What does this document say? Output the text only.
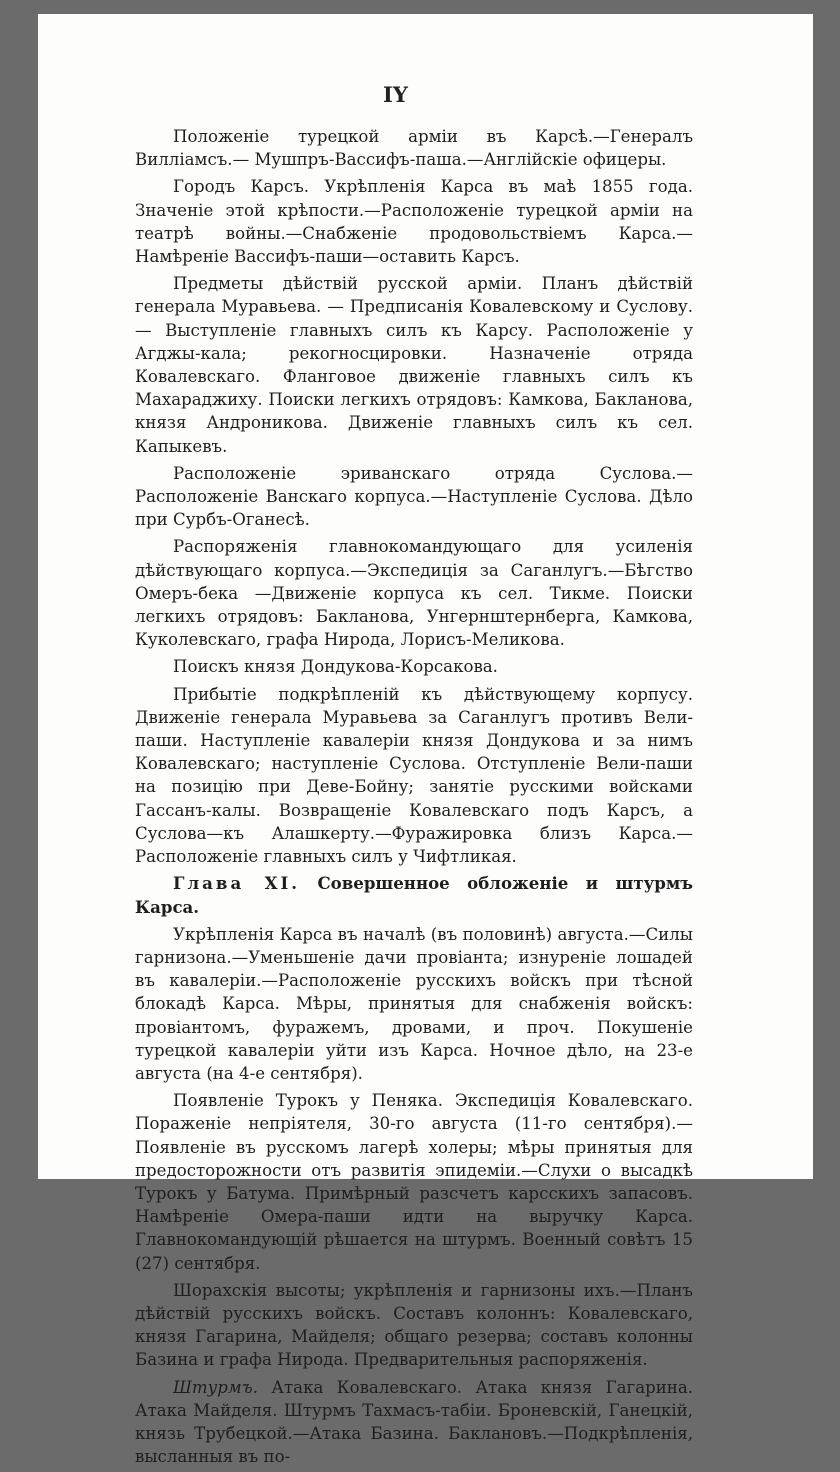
IY

Положеніе турецкой арміи въ Карсѣ.—Генералъ Вилліамсъ.— Мушпръ-Вассифъ-паша.—Англійскіе офицеры.

Городъ Карсъ. Укрѣпленія Карса въ маѣ 1855 года. Значеніе этой крѣпости.—Расположеніе турецкой арміи на театрѣ войны.—Снабженіе продовольствіемъ Карса.—Намѣреніе Вассифъ-паши—оставить Карсъ.

Предметы дѣйствій русской арміи. Планъ дѣйствій генерала Муравьева. — Предписанія Ковалевскому и Суслову. — Выступленіе главныхъ силъ къ Карсу. Расположеніе у Агджы-кала; рекогносцировки. Назначеніе отряда Ковалевскаго. Фланговое движеніе главныхъ силъ къ Махараджиху. Поиски легкихъ отрядовъ: Камкова, Бакланова, князя Андроникова. Движеніе главныхъ силъ къ сел. Капыкевъ.

Расположеніе эриванскаго отряда Суслова.—Расположеніе Ванскаго корпуса.—Наступленіе Суслова. Дѣло при Сурбъ-Оганесѣ.

Распоряженія главнокомандующаго для усиленія дѣйствующаго корпуса.—Экспедиція за Саганлугъ.—Бѣгство Омеръ-бека —Движеніе корпуса къ сел. Тикме. Поиски легкихъ отрядовъ: Бакланова, Унгернштернберга, Камкова, Куколевскаго, графа Нирода, Лорисъ-Меликова.

Поискъ князя Дондукова-Корсакова.

Прибытіе подкрѣпленій къ дѣйствующему корпусу. Движеніе генерала Муравьева за Саганлугъ противъ Вели-паши. Наступленіе кавалеріи князя Дондукова и за нимъ Ковалевскаго; наступленіе Суслова. Отступленіе Вели-паши на позицію при Деве-Бойну; занятіе русскими войсками Гассанъ-калы. Возвращеніе Ковалевскаго подъ Карсъ, а Суслова—къ Алашкерту.—Фуражировка близъ Карса.—Расположеніе главныхъ силъ у Чифтликая.

Глава XI. Совершенное обложеніе и штурмъ Карса.

Укрѣпленія Карса въ началѣ (въ половинѣ) августа.—Силы гарнизона.—Уменьшеніе дачи провіанта; изнуреніе лошадей въ кавалеріи.—Расположеніе русскихъ войскъ при тѣсной блокадѣ Карса. Мѣры, принятыя для снабженія войскъ: провіантомъ, фуражемъ, дровами, и проч. Покушеніе турецкой кавалеріи уйти изъ Карса. Ночное дѣло, на 23-е августа (на 4-е сентября).

Появленіе Турокъ у Пеняка. Экспедиція Ковалевскаго. Пораженіе непріятеля, 30-го августа (11-го сентября).—Появленіе въ русскомъ лагерѣ холеры; мѣры принятыя для предосторожности отъ развитія эпидеміи.—Слухи о высадкѣ Турокъ у Батума. Примѣрный разсчетъ карсскихъ запасовъ. Намѣреніе Омера-паши идти на выручку Карса. Главнокомандующій рѣшается на штурмъ. Военный совѣтъ 15 (27) сентября.

Шорахскія высоты; укрѣпленія и гарнизоны ихъ.—Планъ дѣйствій русскихъ войскъ. Составъ колоннъ: Ковалевскаго, князя Гагарина, Майделя; общаго резерва; составъ колонны Базина и графа Нирода. Предварительныя распоряженія.

Штурмъ. Атака Ковалевскаго. Атака князя Гагарина. Атака Майделя. Штурмъ Тахмасъ-табіи. Броневскій, Ганецкій, князь Трубецкой.—Атака Базина. Баклановъ.—Подкрѣпленія, высланныя въ по-
